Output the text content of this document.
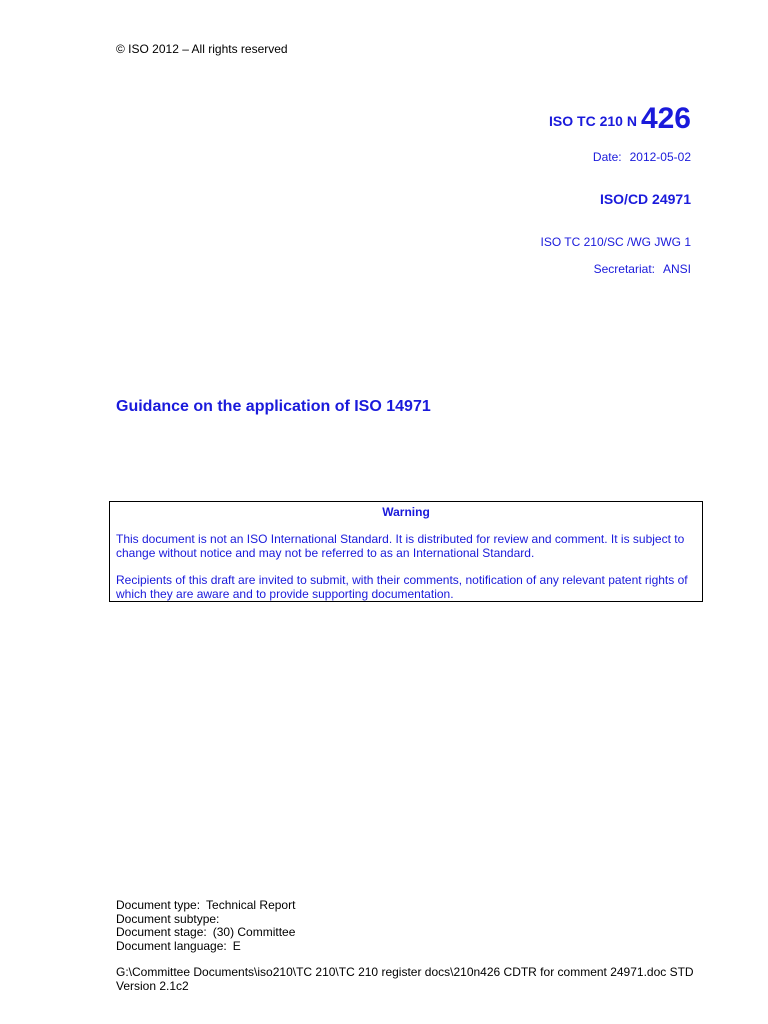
© ISO 2012 – All rights reserved
ISO TC 210 N 426
Date: 2012-05-02
ISO/CD 24971
ISO TC 210/SC /WG JWG 1
Secretariat: ANSI
Guidance on the application of ISO 14971
Warning

This document is not an ISO International Standard. It is distributed for review and comment. It is subject to change without notice and may not be referred to as an International Standard.

Recipients of this draft are invited to submit, with their comments, notification of any relevant patent rights of which they are aware and to provide supporting documentation.

Document type: Technical Report
Document subtype:
Document stage: (30) Committee
Document language: E
G:\Committee Documents\iso210\TC 210\TC 210 register docs\210n426 CDTR for comment 24971.doc STD Version 2.1c2
